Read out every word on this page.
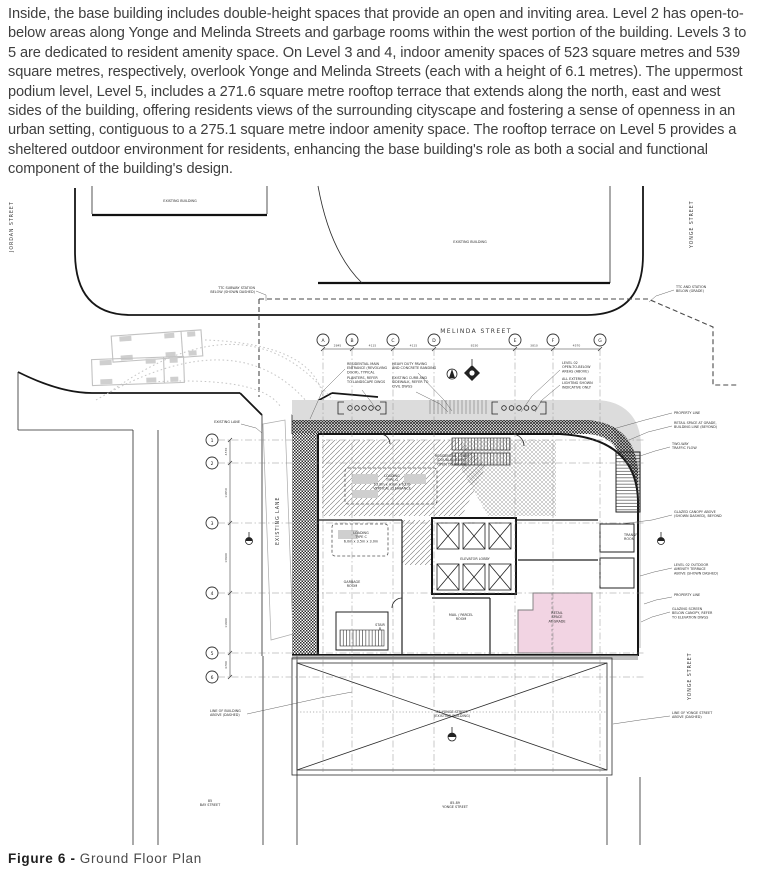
Inside, the base building includes double-height spaces that provide an open and inviting area. Level 2 has open-to-below areas along Yonge and Melinda Streets and garbage rooms within the west portion of the building. Levels 3 to 5 are dedicated to resident amenity space. On Level 3 and 4, indoor amenity spaces of 523 square metres and 539 square metres, respectively, overlook Yonge and Melinda Streets (each with a height of 6.1 metres). The uppermost podium level, Level 5, includes a 271.6 square metre rooftop terrace that extends along the north, east and west sides of the building, offering residents views of the surrounding cityscape and fostering a sense of openness in an urban setting, contiguous to a 275.1 square metre indoor amenity space. The rooftop terrace on Level 5 provides a sheltered outdoor environment for residents, enhancing the base building's role as both a social and functional component of the building's design.
MELINDA STREET
YONGE STREET
YONGE STREET
JORDAN STREET
EXISTING LANE
A
2845
B
4115
C
4115
D
8230
E
3810
F
4570
G
1
4570
2
11850
3
13900
4
11900
5
4700
6
TTC SUBWAY STATION
BELOW (SHOWN DASHED)
TTC AND STATION
BELOW (GRADE)
PROPERTY LINE
RETAIL SPACE AT GRADE,
BUILDING LINE (BEYOND)
TWO-WAY
TRAFFIC FLOW
GLAZED CANOPY ABOVE
(SHOWN DASHED), BEYOND
LEVEL 02 OUTDOOR
AMENITY TERRACE
ABOVE (SHOWN DASHED)
PROPERTY LINE
GLAZING SCREEN
BELOW CANOPY, REFER
TO ELEVATION DWGS
LINE OF YONGE STREET
ABOVE (DASHED)
LINE OF BUILDING
ABOVE (DASHED)
EXISTING LANE
EXISTING BUILDING
EXISTING BUILDING
RESIDENTIAL MAIN
ENTRANCE (REVOLVING
DOOR), TYPICAL
HEAVY DUTY PAVING
AND CONCRETE BANDING
PLANTERS, REFER
TO LANDSCAPE DWGS
EXISTING CURB AND
SIDEWALK, REFER TO
CIVIL DWGS
LEVEL 02
OPEN-TO-BELOW
AREAS (ABOVE)
ALL EXTERIOR
LIGHTING SHOWN
INDICATIVE ONLY
LOADING
TYPE G
13.0m x 4.0m x 6.1m
VERTICAL CLEARANCE
LOADING
TYPE C
6.0m x 3.5m x 3.0m
ELEVATOR LOBBY
RETAIL
SPACE
AT GRADE
85 YONGE STREET
(EXISTING BUILDING)
85
BAY STREET
85-89
YONGE STREET
TRANSF.
ROOM
RESIDENTIAL LOBBY
(DOUBLE-HEIGHT,
OPEN TO ABOVE)
MAIL / PARCEL
ROOM
STAIR
B
GARBAGE
ROOM
Figure 6 - Ground Floor Plan
